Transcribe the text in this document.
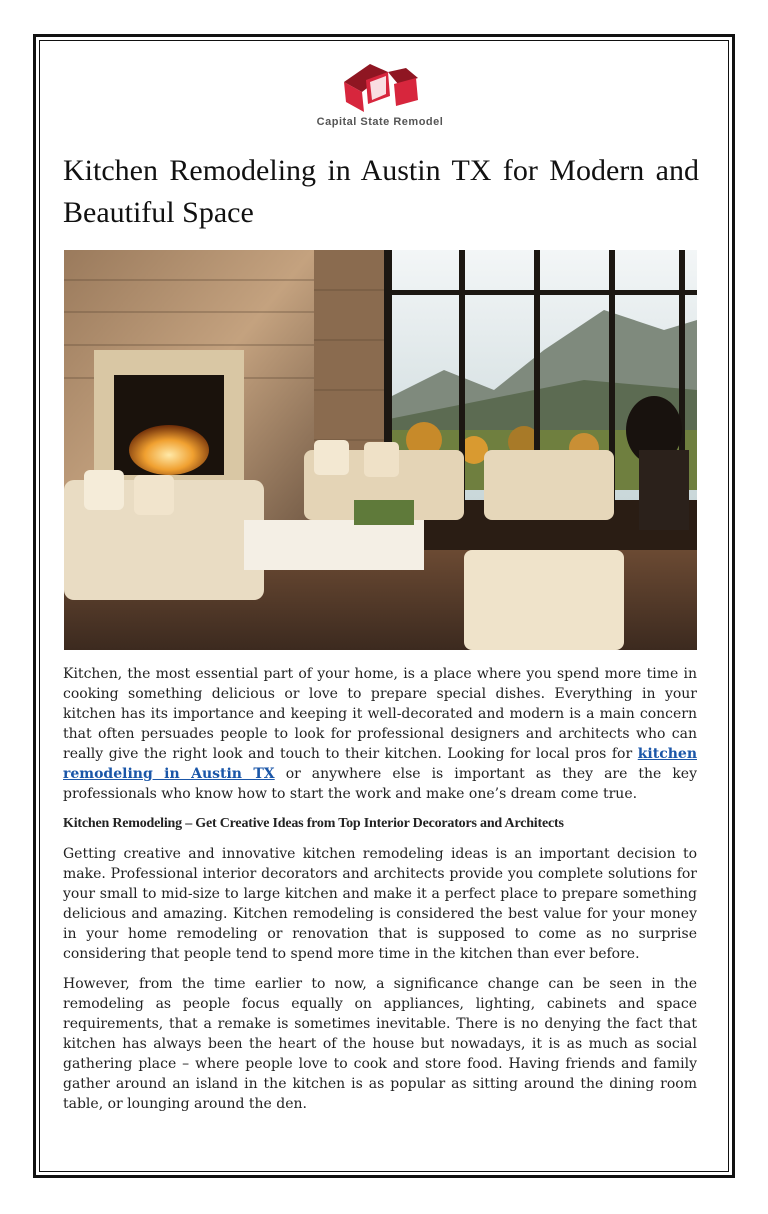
Capital State Remodel
Kitchen Remodeling in Austin TX for Modern and Beautiful Space

Kitchen, the most essential part of your home, is a place where you spend more time in cooking something delicious or love to prepare special dishes. Everything in your kitchen has its importance and keeping it well-decorated and modern is a main concern that often persuades people to look for professional designers and architects who can really give the right look and touch to their kitchen. Looking for local pros for kitchen remodeling in Austin TX or anywhere else is important as they are the key professionals who know how to start the work and make one’s dream come true.

Kitchen Remodeling – Get Creative Ideas from Top Interior Decorators and Architects

Getting creative and innovative kitchen remodeling ideas is an important decision to make. Professional interior decorators and architects provide you complete solutions for your small to mid-size to large kitchen and make it a perfect place to prepare something delicious and amazing. Kitchen remodeling is considered the best value for your money in your home remodeling or renovation that is supposed to come as no surprise considering that people tend to spend more time in the kitchen than ever before.

However, from the time earlier to now, a significance change can be seen in the remodeling as people focus equally on appliances, lighting, cabinets and space requirements, that a remake is sometimes inevitable. There is no denying the fact that kitchen has always been the heart of the house but nowadays, it is as much as social gathering place – where people love to cook and store food. Having friends and family gather around an island in the kitchen is as popular as sitting around the dining room table, or lounging around the den.
